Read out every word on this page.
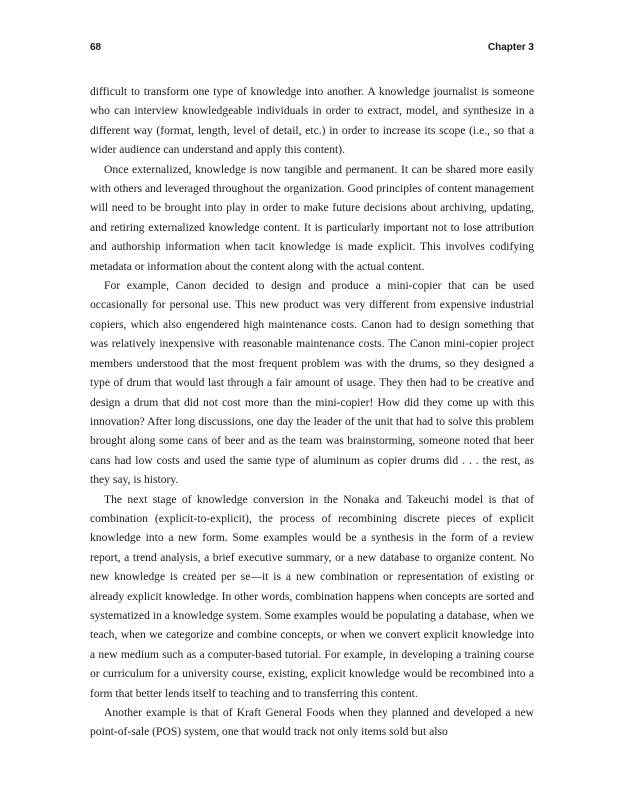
68	Chapter 3

difficult to transform one type of knowledge into another. A knowledge journalist is someone who can interview knowledgeable individuals in order to extract, model, and synthesize in a different way (format, length, level of detail, etc.) in order to increase its scope (i.e., so that a wider audience can understand and apply this content).

Once externalized, knowledge is now tangible and permanent. It can be shared more easily with others and leveraged throughout the organization. Good principles of content management will need to be brought into play in order to make future decisions about archiving, updating, and retiring externalized knowledge content. It is particularly important not to lose attribution and authorship information when tacit knowledge is made explicit. This involves codifying metadata or information about the content along with the actual content.

For example, Canon decided to design and produce a mini-copier that can be used occasionally for personal use. This new product was very different from expensive industrial copiers, which also engendered high maintenance costs. Canon had to design something that was relatively inexpensive with reasonable maintenance costs. The Canon mini-copier project members understood that the most frequent problem was with the drums, so they designed a type of drum that would last through a fair amount of usage. They then had to be creative and design a drum that did not cost more than the mini-copier! How did they come up with this innovation? After long discussions, one day the leader of the unit that had to solve this problem brought along some cans of beer and as the team was brainstorming, someone noted that beer cans had low costs and used the same type of aluminum as copier drums did . . . the rest, as they say, is history.

The next stage of knowledge conversion in the Nonaka and Takeuchi model is that of combination (explicit-to-explicit), the process of recombining discrete pieces of explicit knowledge into a new form. Some examples would be a synthesis in the form of a review report, a trend analysis, a brief executive summary, or a new database to organize content. No new knowledge is created per se—it is a new combination or representation of existing or already explicit knowledge. In other words, combination happens when concepts are sorted and systematized in a knowledge system. Some examples would be populating a database, when we teach, when we categorize and combine concepts, or when we convert explicit knowledge into a new medium such as a computer-based tutorial. For example, in developing a training course or curriculum for a university course, existing, explicit knowledge would be recombined into a form that better lends itself to teaching and to transferring this content.

Another example is that of Kraft General Foods when they planned and developed a new point-of-sale (POS) system, one that would track not only items sold but also
